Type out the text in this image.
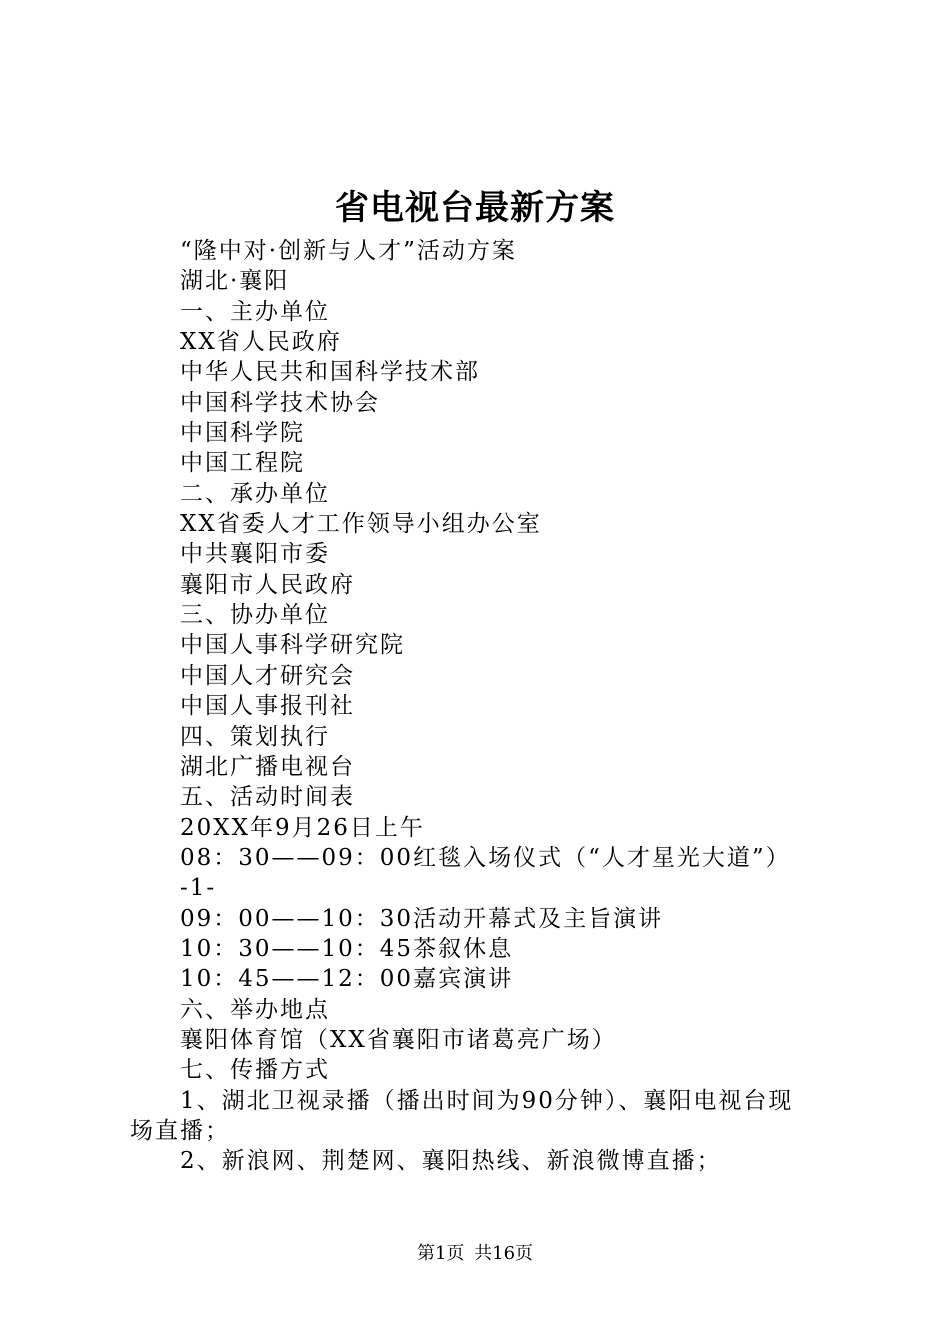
省电视台最新方案
“隆中对·创新与人才”活动方案
湖北·襄阳
一、主办单位
XX省人民政府
中华人民共和国科学技术部
中国科学技术协会
中国科学院
中国工程院
二、承办单位
XX省委人才工作领导小组办公室
中共襄阳市委
襄阳市人民政府
三、协办单位
中国人事科学研究院
中国人才研究会
中国人事报刊社
四、策划执行
湖北广播电视台
五、活动时间表
20XX年9月26日上午
08：30——09：00红毯入场仪式（“人才星光大道”）
-1-
09：00——10：30活动开幕式及主旨演讲
10：30——10：45茶叙休息
10：45——12：00嘉宾演讲
六、举办地点
襄阳体育馆（XX省襄阳市诸葛亮广场）
七、传播方式
1、湖北卫视录播（播出时间为90分钟）、襄阳电视台现
场直播；
2、新浪网、荆楚网、襄阳热线、新浪微博直播；
第1页 共16页
